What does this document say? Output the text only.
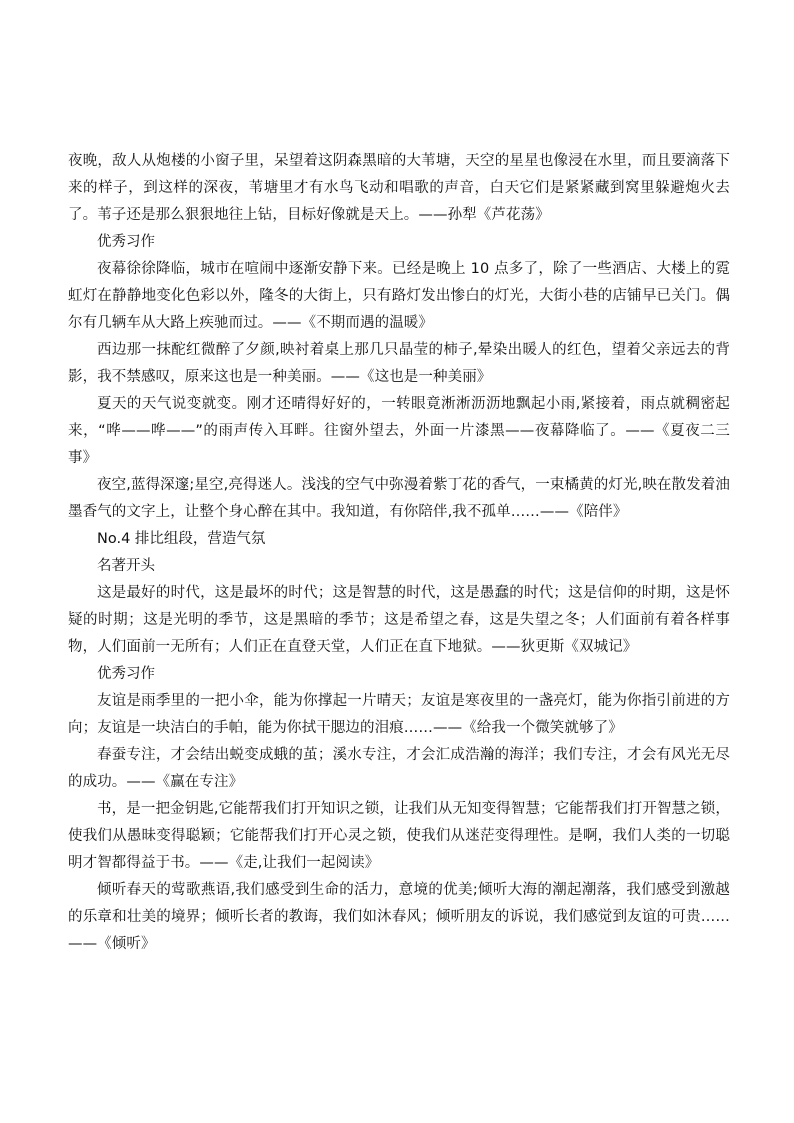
夜晚，敌人从炮楼的小窗子里，呆望着这阴森黑暗的大苇塘，天空的星星也像浸在水里，而且要滴落下来的样子，到这样的深夜，苇塘里才有水鸟飞动和唱歌的声音，白天它们是紧紧藏到窝里躲避炮火去了。苇子还是那么狠狠地往上钻，目标好像就是天上。——孙犁《芦花荡》

优秀习作

夜幕徐徐降临，城市在喧闹中逐渐安静下来。已经是晚上 10 点多了，除了一些酒店、大楼上的霓虹灯在静静地变化色彩以外，隆冬的大街上，只有路灯发出惨白的灯光，大街小巷的店铺早已关门。偶尔有几辆车从大路上疾驰而过。——《不期而遇的温暖》

西边那一抹酡红微醉了夕颜,映衬着桌上那几只晶莹的柿子,晕染出暖人的红色，望着父亲远去的背影，我不禁感叹，原来这也是一种美丽。——《这也是一种美丽》

夏天的天气说变就变。刚才还晴得好好的，一转眼竟淅淅沥沥地飘起小雨,紧接着，雨点就稠密起来，“哗——哗——”的雨声传入耳畔。往窗外望去，外面一片漆黑——夜幕降临了。——《夏夜二三事》

夜空,蓝得深邃;星空,亮得迷人。浅浅的空气中弥漫着紫丁花的香气，一束橘黄的灯光,映在散发着油墨香气的文字上，让整个身心醉在其中。我知道，有你陪伴,我不孤单……——《陪伴》

No.4 排比组段，营造气氛

名著开头

这是最好的时代，这是最坏的时代；这是智慧的时代，这是愚蠢的时代；这是信仰的时期，这是怀疑的时期；这是光明的季节，这是黑暗的季节；这是希望之春，这是失望之冬；人们面前有着各样事物，人们面前一无所有；人们正在直登天堂，人们正在直下地狱。——狄更斯《双城记》

优秀习作

友谊是雨季里的一把小伞，能为你撑起一片晴天；友谊是寒夜里的一盏亮灯，能为你指引前进的方向；友谊是一块洁白的手帕，能为你拭干腮边的泪痕……——《给我一个微笑就够了》

春蚕专注，才会结出蜕变成蛾的茧；溪水专注，才会汇成浩瀚的海洋；我们专注，才会有风光无尽的成功。——《赢在专注》

书，是一把金钥匙,它能帮我们打开知识之锁，让我们从无知变得智慧；它能帮我们打开智慧之锁，使我们从愚昧变得聪颖；它能帮我们打开心灵之锁，使我们从迷茫变得理性。是啊，我们人类的一切聪明才智都得益于书。——《走,让我们一起阅读》

倾听春天的莺歌燕语,我们感受到生命的活力，意境的优美;倾听大海的潮起潮落，我们感受到激越的乐章和壮美的境界；倾听长者的教诲，我们如沐春风；倾听朋友的诉说，我们感觉到友谊的可贵……——《倾听》
